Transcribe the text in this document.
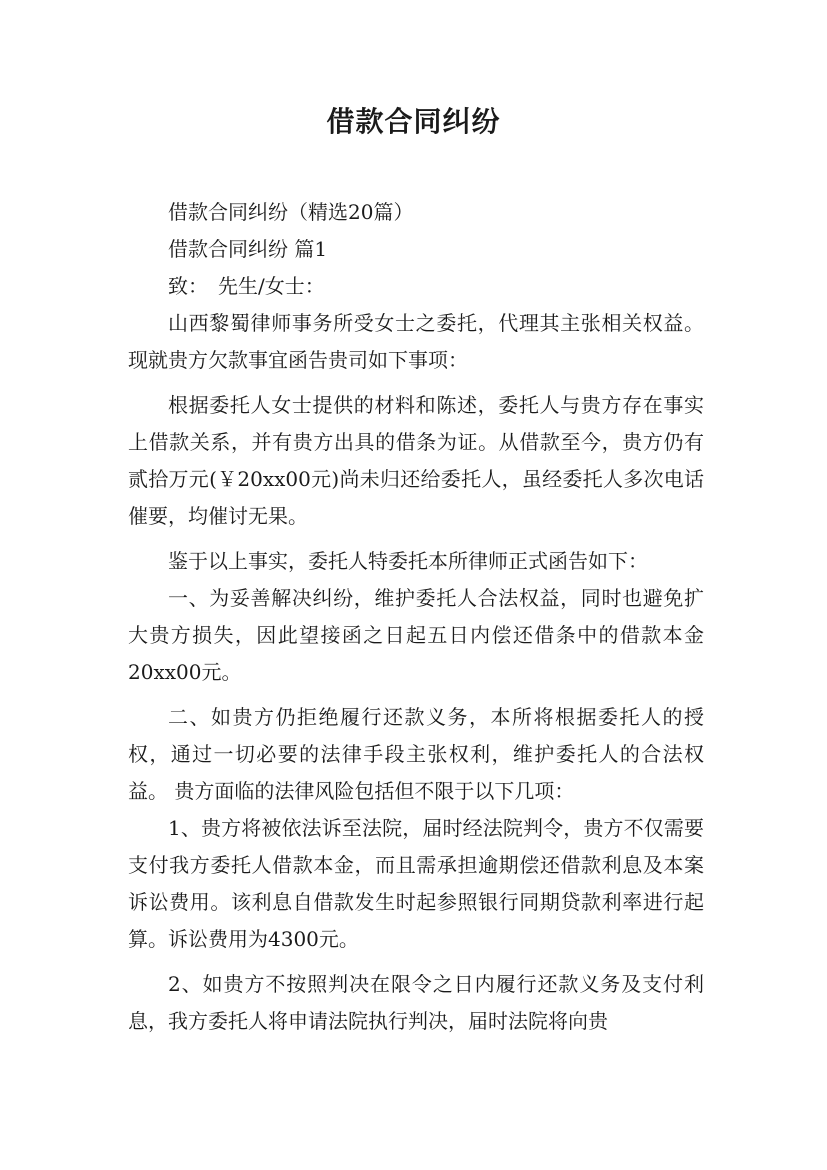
借款合同纠纷

借款合同纠纷（精选20篇）

借款合同纠纷 篇1

致：　先生/女士：

山西黎蜀律师事务所受女士之委托，代理其主张相关权益。现就贵方欠款事宜函告贵司如下事项：

根据委托人女士提供的材料和陈述，委托人与贵方存在事实上借款关系，并有贵方出具的借条为证。从借款至今，贵方仍有贰拾万元(￥20xx00元)尚未归还给委托人，虽经委托人多次电话催要，均催讨无果。

鉴于以上事实，委托人特委托本所律师正式函告如下：

一、为妥善解决纠纷，维护委托人合法权益，同时也避免扩大贵方损失，因此望接函之日起五日内偿还借条中的借款本金20xx00元。

二、如贵方仍拒绝履行还款义务，本所将根据委托人的授权，通过一切必要的法律手段主张权利，维护委托人的合法权益。 贵方面临的法律风险包括但不限于以下几项：

1、贵方将被依法诉至法院，届时经法院判令，贵方不仅需要支付我方委托人借款本金，而且需承担逾期偿还借款利息及本案诉讼费用。该利息自借款发生时起参照银行同期贷款利率进行起算。诉讼费用为4300元。

2、如贵方不按照判决在限令之日内履行还款义务及支付利息，我方委托人将申请法院执行判决，届时法院将向贵
